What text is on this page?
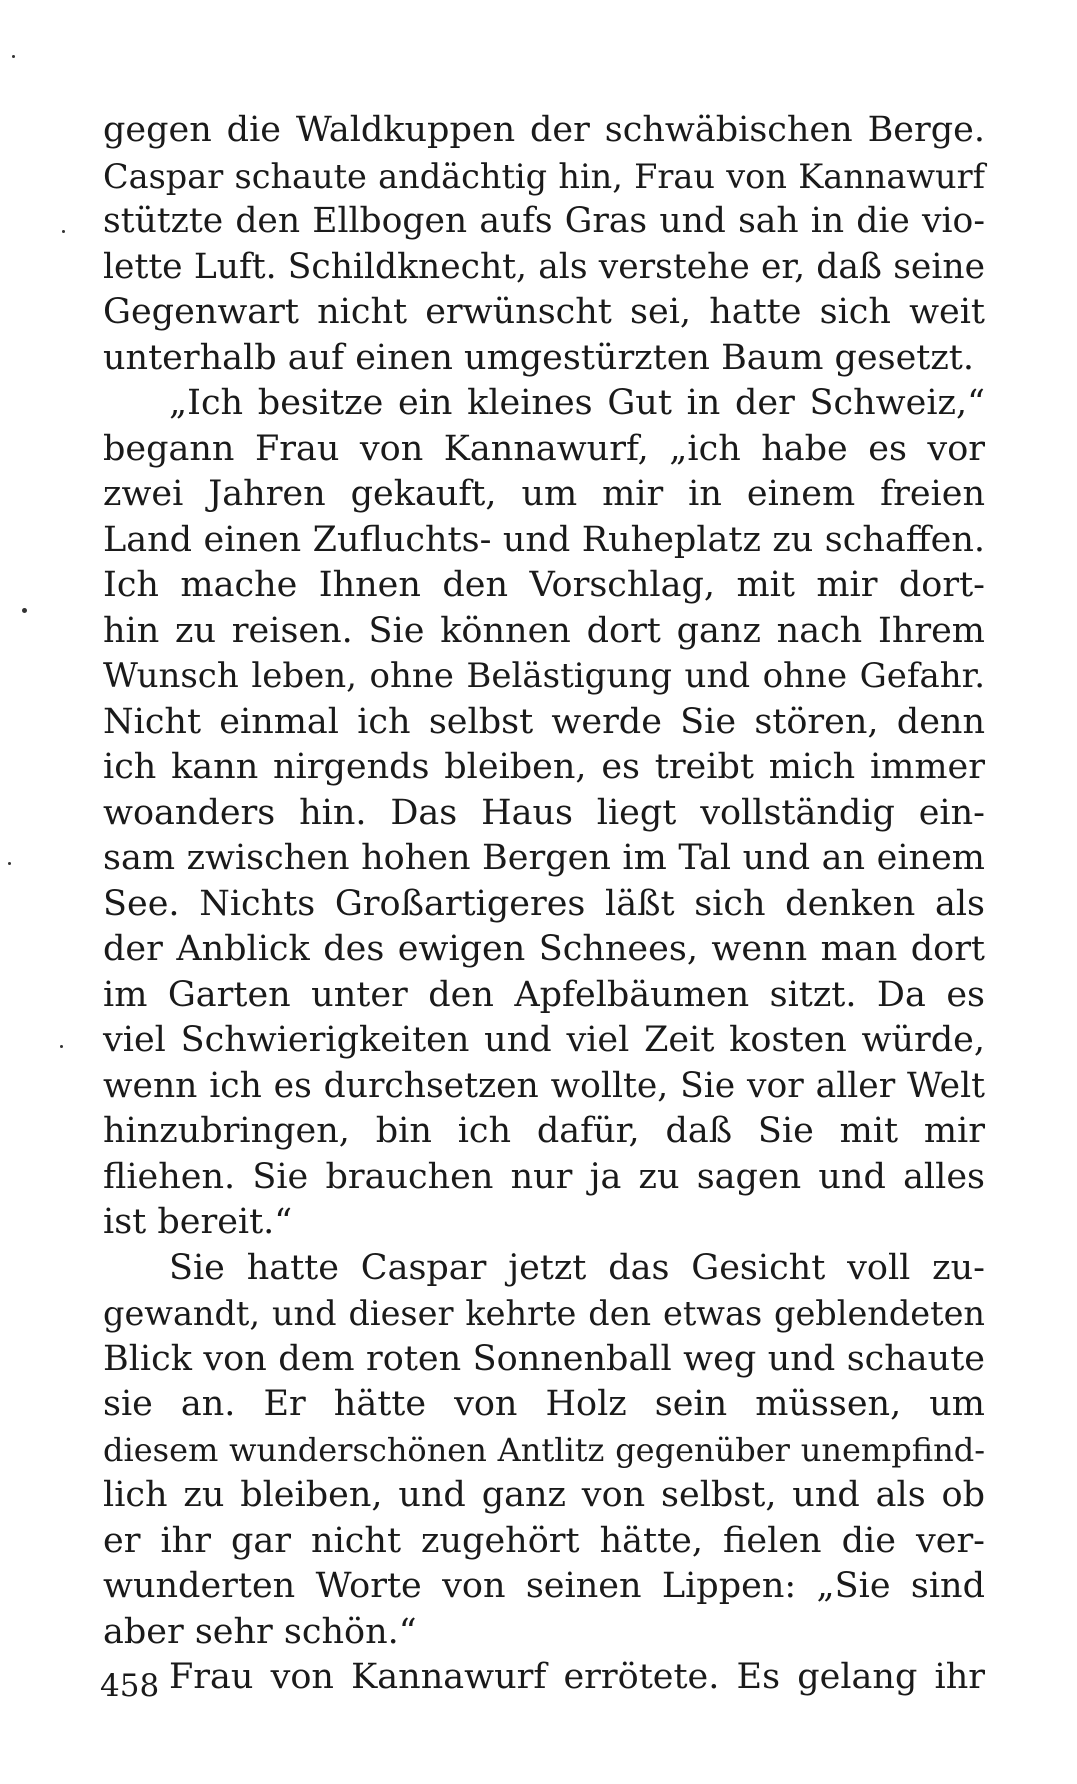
gegen die Waldkuppen der schwäbischen Berge.
Caspar schaute andächtig hin, Frau von Kannawurf
stützte den Ellbogen aufs Gras und sah in die vio-
lette Luft. Schildknecht, als verstehe er, daß seine
Gegenwart nicht erwünscht sei, hatte sich weit
unterhalb auf einen umgestürzten Baum gesetzt.
„Ich besitze ein kleines Gut in der Schweiz,“
begann Frau von Kannawurf, „ich habe es vor
zwei Jahren gekauft, um mir in einem freien
Land einen Zufluchts- und Ruheplatz zu schaffen.
Ich mache Ihnen den Vorschlag, mit mir dort-
hin zu reisen. Sie können dort ganz nach Ihrem
Wunsch leben, ohne Belästigung und ohne Gefahr.
Nicht einmal ich selbst werde Sie stören, denn
ich kann nirgends bleiben, es treibt mich immer
woanders hin. Das Haus liegt vollständig ein-
sam zwischen hohen Bergen im Tal und an einem
See. Nichts Großartigeres läßt sich denken als
der Anblick des ewigen Schnees, wenn man dort
im Garten unter den Apfelbäumen sitzt. Da es
viel Schwierigkeiten und viel Zeit kosten würde,
wenn ich es durchsetzen wollte, Sie vor aller Welt
hinzubringen, bin ich dafür, daß Sie mit mir
fliehen. Sie brauchen nur ja zu sagen und alles
ist bereit.“
Sie hatte Caspar jetzt das Gesicht voll zu-
gewandt, und dieser kehrte den etwas geblendeten
Blick von dem roten Sonnenball weg und schaute
sie an. Er hätte von Holz sein müssen, um
diesem wunderschönen Antlitz gegenüber unempfind-
lich zu bleiben, und ganz von selbst, und als ob
er ihr gar nicht zugehört hätte, fielen die ver-
wunderten Worte von seinen Lippen: „Sie sind
aber sehr schön.“
Frau von Kannawurf errötete. Es gelang ihr
458
